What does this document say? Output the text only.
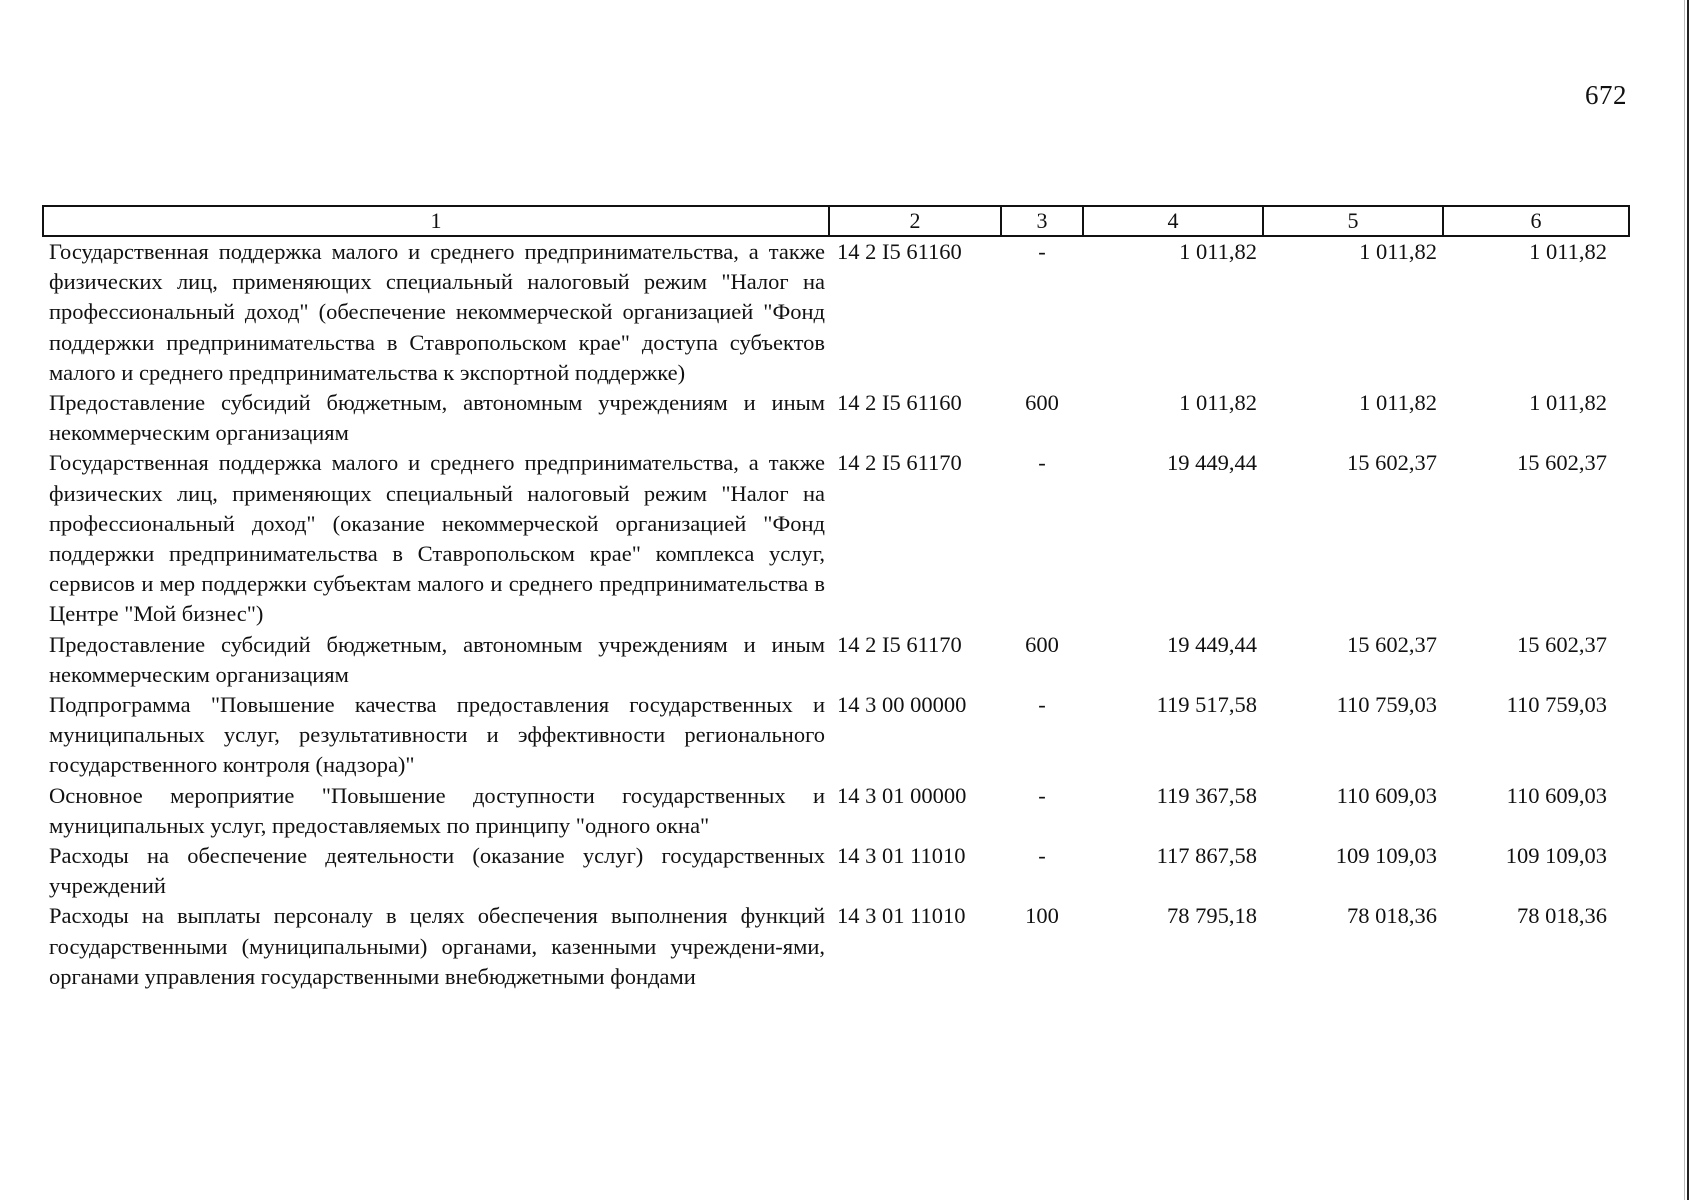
672
1	2	3	4	5	6
Государственная поддержка малого и среднего предпринимательства, а также физических лиц, применяющих специальный налоговый режим "Налог на профессиональный доход" (обеспечение некоммерческой организацией "Фонд поддержки предпринимательства в Ставропольском крае" доступа субъектов малого и среднего предпринимательства к экспортной поддержке)	14 2 I5 61160	-	1 011,82	1 011,82	1 011,82
Предоставление субсидий бюджетным, автономным учреждениям и иным некоммерческим организациям	14 2 I5 61160	600	1 011,82	1 011,82	1 011,82
Государственная поддержка малого и среднего предпринимательства, а также физических лиц, применяющих специальный налоговый режим "Налог на профессиональный доход" (оказание некоммерческой организацией "Фонд поддержки предпринимательства в Ставропольском крае" комплекса услуг, сервисов и мер поддержки субъектам малого и среднего предпринимательства в Центре "Мой бизнес")	14 2 I5 61170	-	19 449,44	15 602,37	15 602,37
Предоставление субсидий бюджетным, автономным учреждениям и иным некоммерческим организациям	14 2 I5 61170	600	19 449,44	15 602,37	15 602,37
Подпрограмма "Повышение качества предоставления государственных и муниципальных услуг, результативности и эффективности регионального государственного контроля (надзора)"	14 3 00 00000	-	119 517,58	110 759,03	110 759,03
Основное мероприятие "Повышение доступности государственных и муниципальных услуг, предоставляемых по принципу "одного окна"	14 3 01 00000	-	119 367,58	110 609,03	110 609,03
Расходы на обеспечение деятельности (оказание услуг) государственных учреждений	14 3 01 11010	-	117 867,58	109 109,03	109 109,03
Расходы на выплаты персоналу в целях обеспечения выполнения функций государственными (муниципальными) органами, казенными учреждени-ями, органами управления государственными внебюджетными фондами	14 3 01 11010	100	78 795,18	78 018,36	78 018,36
